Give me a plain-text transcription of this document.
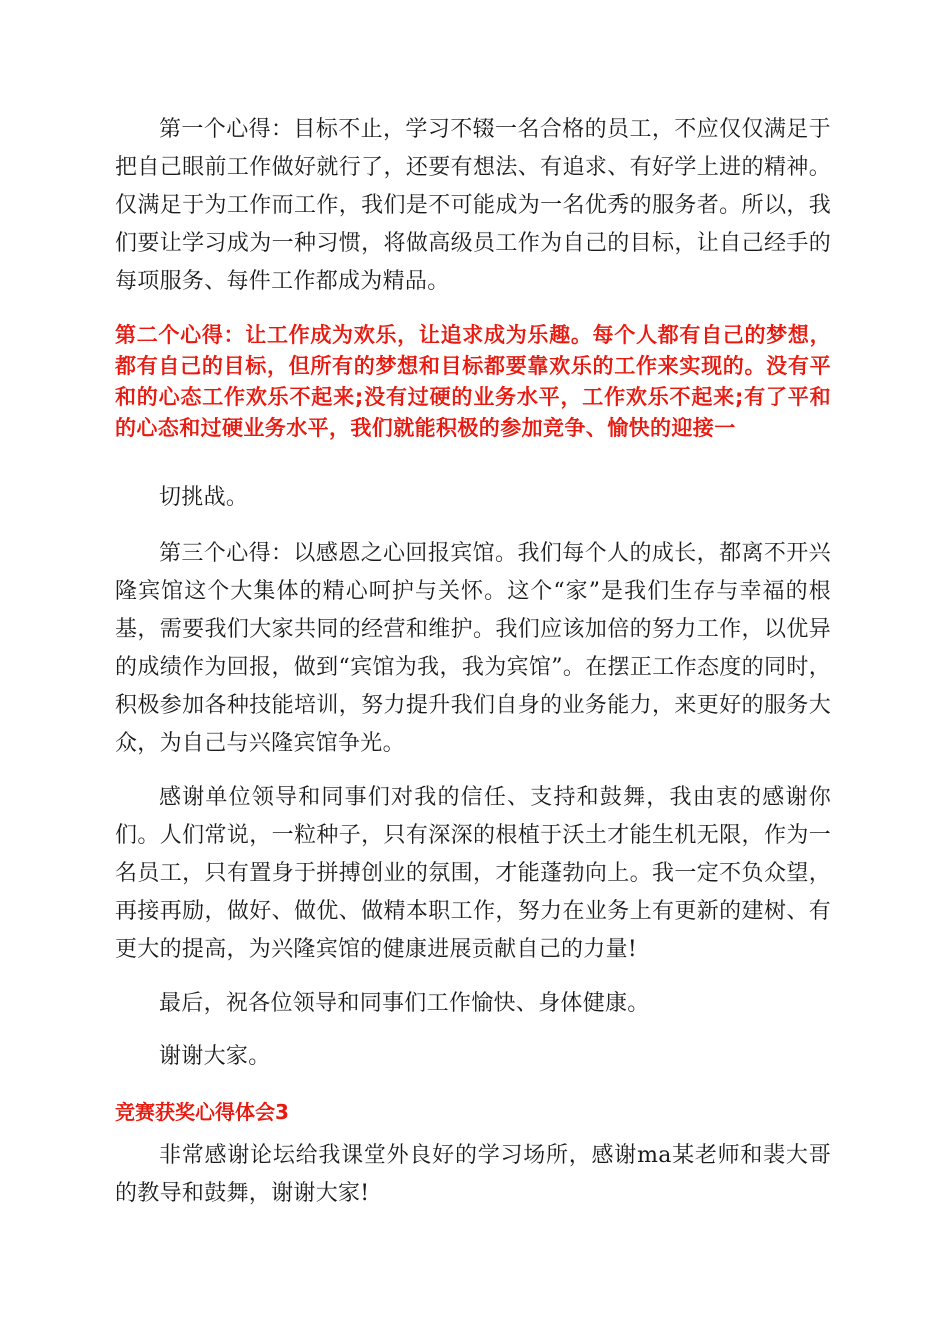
第一个心得：目标不止，学习不辍一名合格的员工，不应仅仅满足于把自己眼前工作做好就行了，还要有想法、有追求、有好学上进的精神。仅满足于为工作而工作，我们是不可能成为一名优秀的服务者。所以，我们要让学习成为一种习惯，将做高级员工作为自己的目标，让自己经手的每项服务、每件工作都成为精品。

第二个心得：让工作成为欢乐，让追求成为乐趣。每个人都有自己的梦想，都有自己的目标，但所有的梦想和目标都要靠欢乐的工作来实现的。没有平和的心态工作欢乐不起来;没有过硬的业务水平，工作欢乐不起来;有了平和的心态和过硬业务水平，我们就能积极的参加竞争、愉快的迎接一

切挑战。

第三个心得：以感恩之心回报宾馆。我们每个人的成长，都离不开兴隆宾馆这个大集体的精心呵护与关怀。这个“家”是我们生存与幸福的根基，需要我们大家共同的经营和维护。我们应该加倍的努力工作，以优异的成绩作为回报，做到“宾馆为我，我为宾馆”。在摆正工作态度的同时，积极参加各种技能培训，努力提升我们自身的业务能力，来更好的服务大众，为自己与兴隆宾馆争光。

感谢单位领导和同事们对我的信任、支持和鼓舞，我由衷的感谢你们。人们常说，一粒种子，只有深深的根植于沃土才能生机无限，作为一名员工，只有置身于拼搏创业的氛围，才能蓬勃向上。我一定不负众望，再接再励，做好、做优、做精本职工作，努力在业务上有更新的建树、有更大的提高，为兴隆宾馆的健康进展贡献自己的力量!

最后，祝各位领导和同事们工作愉快、身体健康。

谢谢大家。

竞赛获奖心得体会3

非常感谢论坛给我课堂外良好的学习场所，感谢ma某老师和裴大哥的教导和鼓舞，谢谢大家!
